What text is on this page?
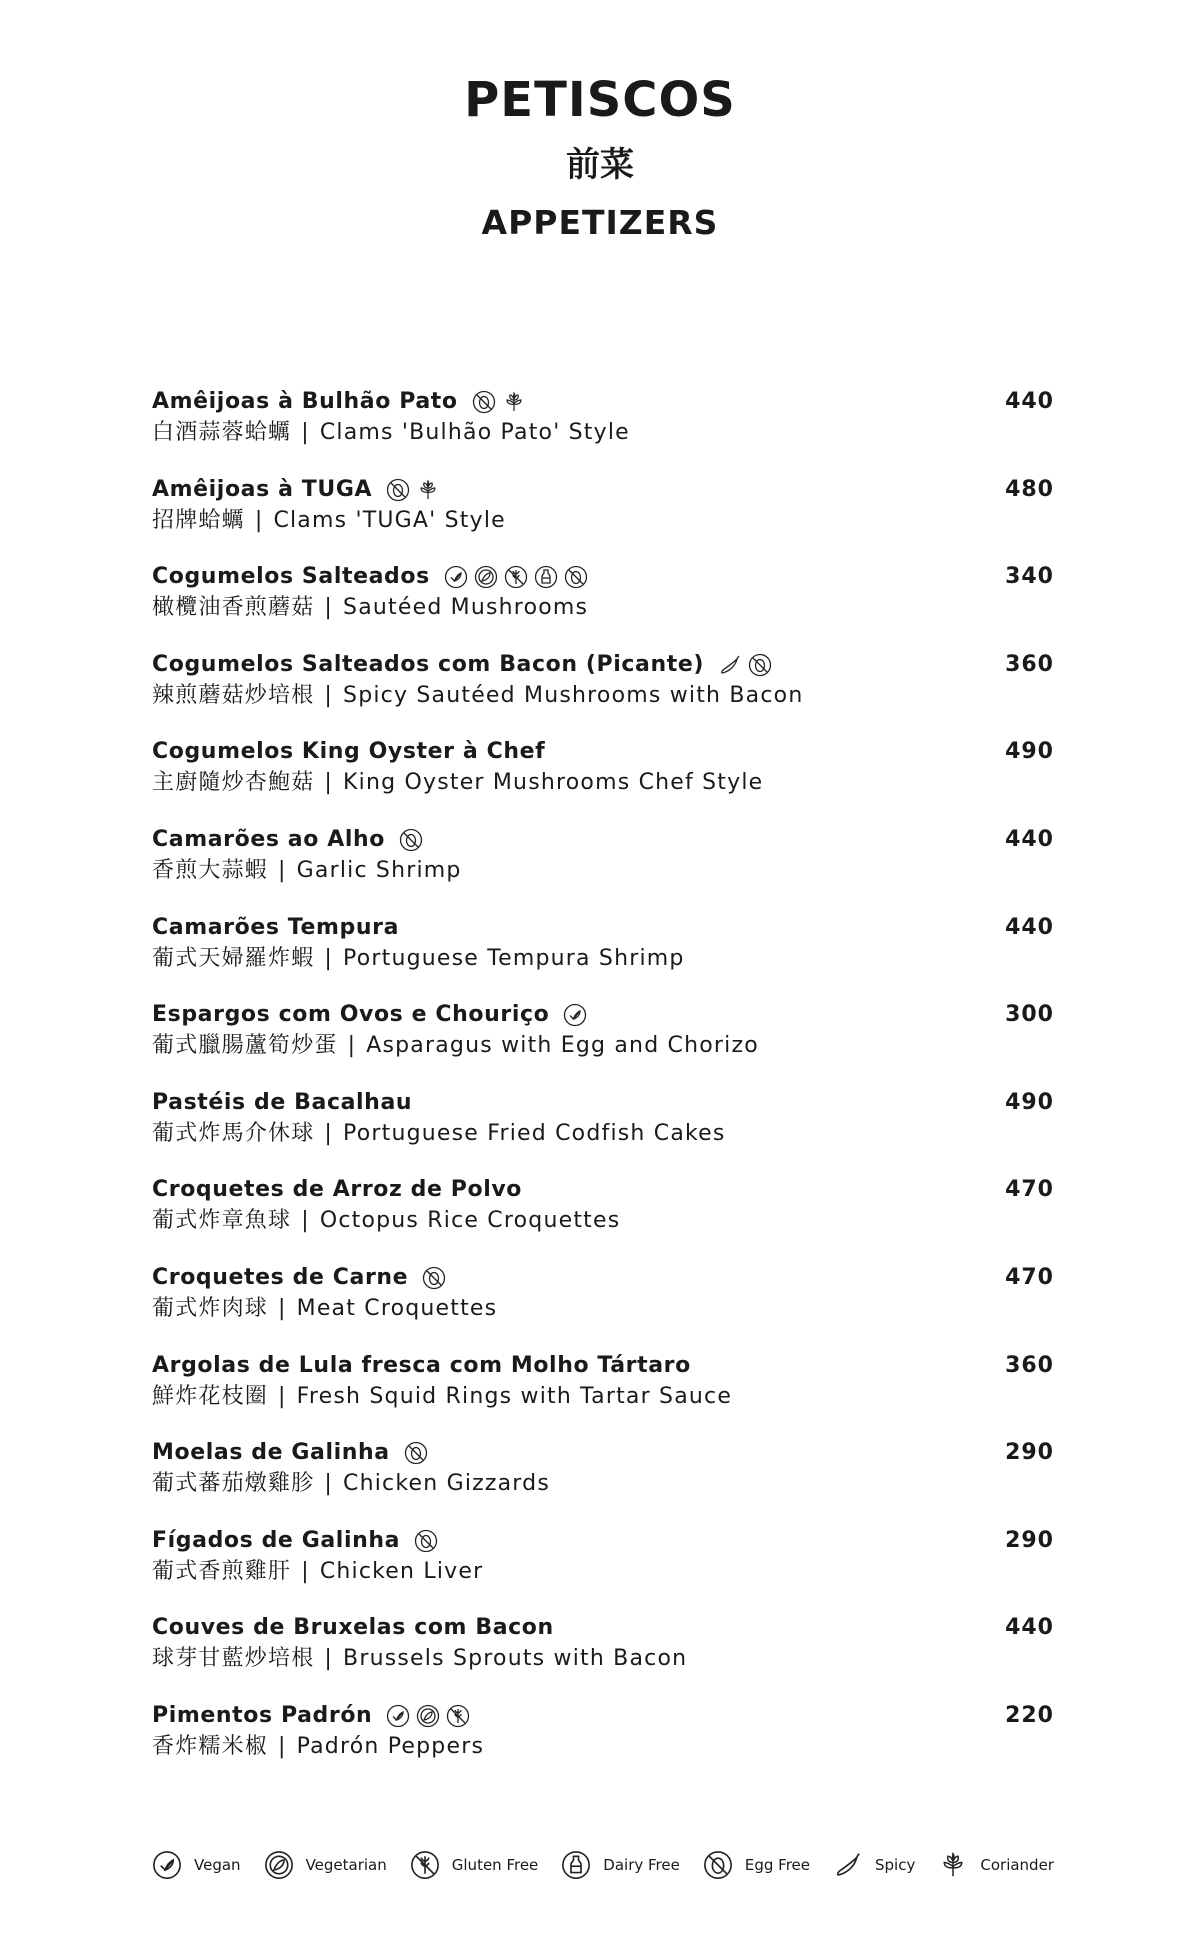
PETISCOS
前菜
APPETIZERS
Amêijoas à Bulhão Pato
白酒蒜蓉蛤蠣 | Clams 'Bulhão Pato' Style
440
Amêijoas à TUGA
招牌蛤蠣 | Clams 'TUGA' Style
480
Cogumelos Salteados
橄欖油香煎蘑菇 | Sautéed Mushrooms
340
Cogumelos Salteados com Bacon (Picante)
辣煎蘑菇炒培根 | Spicy Sautéed Mushrooms with Bacon
360
Cogumelos King Oyster à Chef
主廚隨炒杏鮑菇 | King Oyster Mushrooms Chef Style
490
Camarões ao Alho
香煎大蒜蝦 | Garlic Shrimp
440
Camarões Tempura
葡式天婦羅炸蝦 | Portuguese Tempura Shrimp
440
Espargos com Ovos e Chouriço
葡式臘腸蘆筍炒蛋 | Asparagus with Egg and Chorizo
300
Pastéis de Bacalhau
葡式炸馬介休球 | Portuguese Fried Codfish Cakes
490
Croquetes de Arroz de Polvo
葡式炸章魚球 | Octopus Rice Croquettes
470
Croquetes de Carne
葡式炸肉球 | Meat Croquettes
470
Argolas de Lula fresca com Molho Tártaro
鮮炸花枝圈 | Fresh Squid Rings with Tartar Sauce
360
Moelas de Galinha
葡式蕃茄燉雞胗 | Chicken Gizzards
290
Fígados de Galinha
葡式香煎雞肝 | Chicken Liver
290
Couves de Bruxelas com Bacon
球芽甘藍炒培根 | Brussels Sprouts with Bacon
440
Pimentos Padrón
香炸糯米椒 | Padrón Peppers
220
Vegan	Vegetarian	Gluten Free	Dairy Free	Egg Free	Spicy	Coriander
